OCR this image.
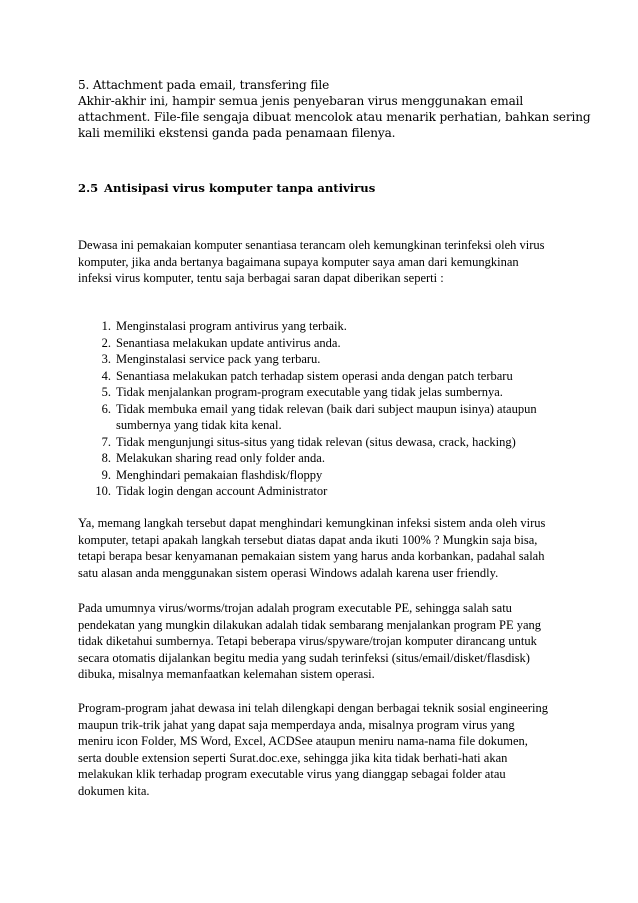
5. Attachment pada email, transfering file
Akhir-akhir ini, hampir semua jenis penyebaran virus menggunakan email
attachment. File-file sengaja dibuat mencolok atau menarik perhatian, bahkan sering
kali memiliki ekstensi ganda pada penamaan filenya.
2.5 Antisipasi virus komputer tanpa antivirus
Dewasa ini pemakaian komputer senantiasa terancam oleh kemungkinan terinfeksi oleh virus
komputer, jika anda bertanya bagaimana supaya komputer saya aman dari kemungkinan
infeksi virus komputer, tentu saja berbagai saran dapat diberikan seperti :
1. Menginstalasi program antivirus yang terbaik.
2. Senantiasa melakukan update antivirus anda.
3. Menginstalasi service pack yang terbaru.
4. Senantiasa melakukan patch terhadap sistem operasi anda dengan patch terbaru
5. Tidak menjalankan program-program executable yang tidak jelas sumbernya.
6. Tidak membuka email yang tidak relevan (baik dari subject maupun isinya) ataupun
sumbernya yang tidak kita kenal.
7. Tidak mengunjungi situs-situs yang tidak relevan (situs dewasa, crack, hacking)
8. Melakukan sharing read only folder anda.
9. Menghindari pemakaian flashdisk/floppy
10. Tidak login dengan account Administrator
Ya, memang langkah tersebut dapat menghindari kemungkinan infeksi sistem anda oleh virus
komputer, tetapi apakah langkah tersebut diatas dapat anda ikuti 100% ? Mungkin saja bisa,
tetapi berapa besar kenyamanan pemakaian sistem yang harus anda korbankan, padahal salah
satu alasan anda menggunakan sistem operasi Windows adalah karena user friendly.
Pada umumnya virus/worms/trojan adalah program executable PE, sehingga salah satu
pendekatan yang mungkin dilakukan adalah tidak sembarang menjalankan program PE yang
tidak diketahui sumbernya. Tetapi beberapa virus/spyware/trojan komputer dirancang untuk
secara otomatis dijalankan begitu media yang sudah terinfeksi (situs/email/disket/flasdisk)
dibuka, misalnya memanfaatkan kelemahan sistem operasi.
Program-program jahat dewasa ini telah dilengkapi dengan berbagai teknik sosial engineering
maupun trik-trik jahat yang dapat saja memperdaya anda, misalnya program virus yang
meniru icon Folder, MS Word, Excel, ACDSee ataupun meniru nama-nama file dokumen,
serta double extension seperti Surat.doc.exe, sehingga jika kita tidak berhati-hati akan
melakukan klik terhadap program executable virus yang dianggap sebagai folder atau
dokumen kita.
